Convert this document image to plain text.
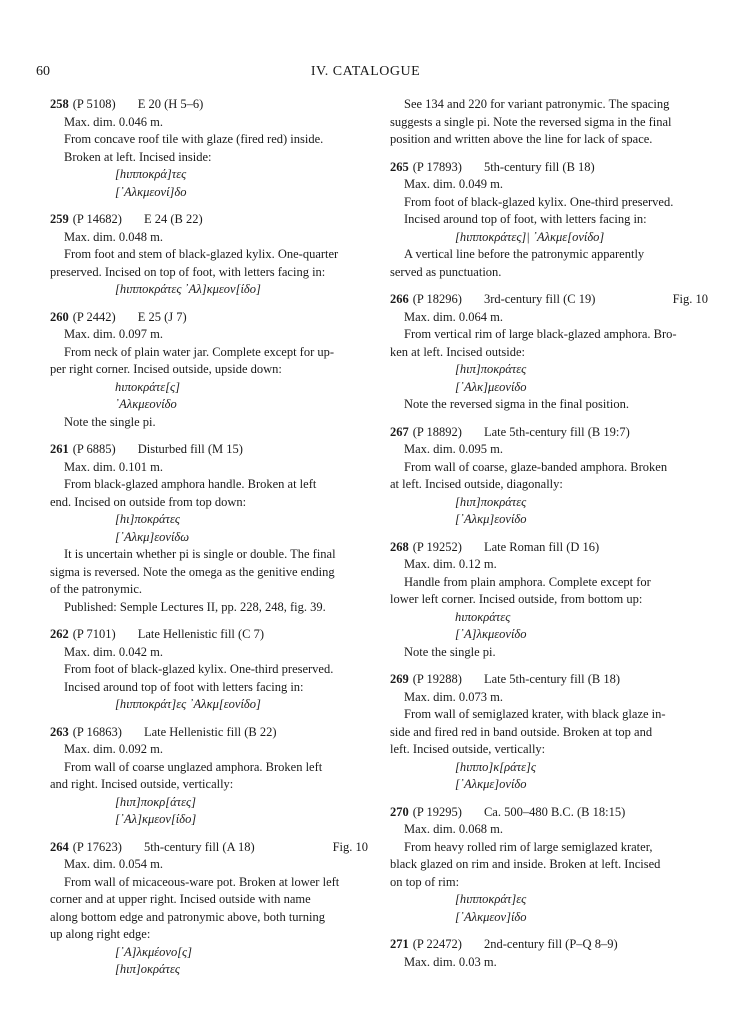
60	IV. CATALOGUE
258 (P 5108) E 20 (H 5–6)
Max. dim. 0.046 m.
From concave roof tile with glaze (fired red) inside.
Broken at left. Incised inside:
[hιπποκρά]τες
[᾿Αλκμεονί]δο
259 (P 14682) E 24 (B 22)
Max. dim. 0.048 m.
From foot and stem of black-glazed kylix. One-quarter
preserved. Incised on top of foot, with letters facing in:
[hιπποκράτες ᾿Αλ]κμεον[ίδο]
260 (P 2442) E 25 (J 7)
Max. dim. 0.097 m.
From neck of plain water jar. Complete except for up-
per right corner. Incised outside, upside down:
hιποκράτε[ς]
᾿Αλκμεονίδο
Note the single pi.
261 (P 6885) Disturbed fill (M 15)
Max. dim. 0.101 m.
From black-glazed amphora handle. Broken at left
end. Incised on outside from top down:
[hι]ποκράτες
[᾿Αλκμ]εονίδω
It is uncertain whether pi is single or double. The final
sigma is reversed. Note the omega as the genitive ending
of the patronymic.
Published: Semple Lectures II, pp. 228, 248, fig. 39.
262 (P 7101) Late Hellenistic fill (C 7)
Max. dim. 0.042 m.
From foot of black-glazed kylix. One-third preserved.
Incised around top of foot with letters facing in:
[hιπποκράτ]ες ᾿Αλκμ[εονίδο]
263 (P 16863) Late Hellenistic fill (B 22)
Max. dim. 0.092 m.
From wall of coarse unglazed amphora. Broken left
and right. Incised outside, vertically:
[hιπ]ποκρ[άτες]
[᾿Αλ]κμεον[ίδο]
264 (P 17623) 5th-century fill (A 18)	Fig. 10
Max. dim. 0.054 m.
From wall of micaceous-ware pot. Broken at lower left
corner and at upper right. Incised outside with name
along bottom edge and patronymic above, both turning
up along right edge:
[᾿Α]λκμέονο[ς]
[hιπ]οκράτες
See 134 and 220 for variant patronymic. The spacing
suggests a single pi. Note the reversed sigma in the final
position and written above the line for lack of space.
265 (P 17893) 5th-century fill (B 18)
Max. dim. 0.049 m.
From foot of black-glazed kylix. One-third preserved.
Incised around top of foot, with letters facing in:
[hιπποκράτες]| ᾿Αλκμε[ονίδο]
A vertical line before the patronymic apparently
served as punctuation.
266 (P 18296) 3rd-century fill (C 19)	Fig. 10
Max. dim. 0.064 m.
From vertical rim of large black-glazed amphora. Bro-
ken at left. Incised outside:
[hιπ]ποκράτες
[᾿Αλκ]μεονίδο
Note the reversed sigma in the final position.
267 (P 18892) Late 5th-century fill (B 19:7)
Max. dim. 0.095 m.
From wall of coarse, glaze-banded amphora. Broken
at left. Incised outside, diagonally:
[hιπ]ποκράτες
[᾿Αλκμ]εονίδο
268 (P 19252) Late Roman fill (D 16)
Max. dim. 0.12 m.
Handle from plain amphora. Complete except for
lower left corner. Incised outside, from bottom up:
hιποκράτες
[᾿Α]λκμεονίδο
Note the single pi.
269 (P 19288) Late 5th-century fill (B 18)
Max. dim. 0.073 m.
From wall of semiglazed krater, with black glaze in-
side and fired red in band outside. Broken at top and
left. Incised outside, vertically:
[hιππο]κ[ράτε]ς
[᾿Αλκμε]ονίδο
270 (P 19295) Ca. 500–480 B.C. (B 18:15)
Max. dim. 0.068 m.
From heavy rolled rim of large semiglazed krater,
black glazed on rim and inside. Broken at left. Incised
on top of rim:
[hιπποκράτ]ες
[᾿Αλκμεον]ίδο
271 (P 22472) 2nd-century fill (P–Q 8–9)
Max. dim. 0.03 m.
